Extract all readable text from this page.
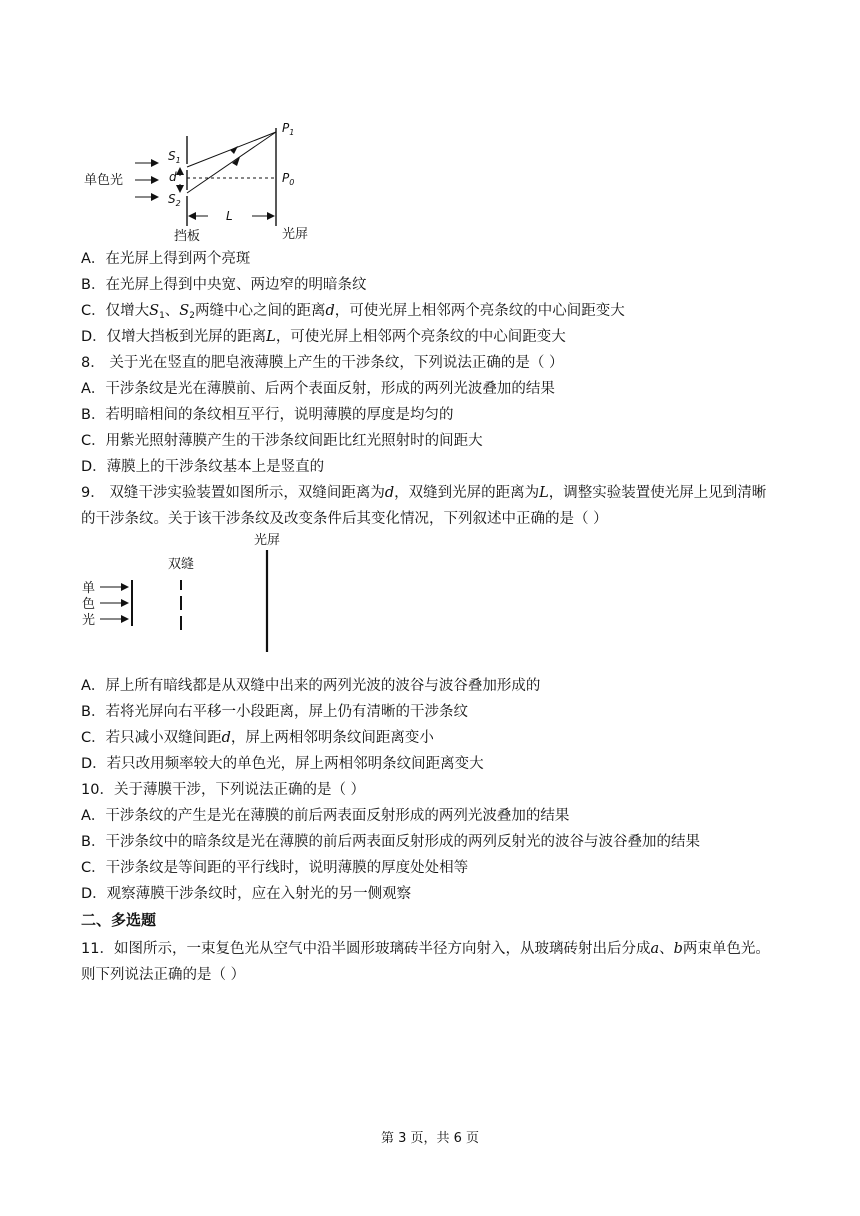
单色光
$S_1$
d
$S_2$
$P_1$
$P_0$
L
挡板	光屏
A．在光屏上得到两个亮斑
B．在光屏上得到中央宽、两边窄的明暗条纹
C．仅增大$S_1$、$S_2$两缝中心之间的距离d，可使光屏上相邻两个亮条纹的中心间距变大
D．仅增大挡板到光屏的距离L，可使光屏上相邻两个亮条纹的中心间距变大
8． 关于光在竖直的肥皂液薄膜上产生的干涉条纹，下列说法正确的是（ ）
A．干涉条纹是光在薄膜前、后两个表面反射，形成的两列光波叠加的结果
B．若明暗相间的条纹相互平行，说明薄膜的厚度是均匀的
C．用紫光照射薄膜产生的干涉条纹间距比红光照射时的间距大
D．薄膜上的干涉条纹基本上是竖直的
9． 双缝干涉实验装置如图所示，双缝间距离为d，双缝到光屏的距离为L，调整实验装置使光屏上见到清晰
的干涉条纹。关于该干涉条纹及改变条件后其变化情况，下列叙述中正确的是（ ）
单
色
光
双缝
光屏
A．屏上所有暗线都是从双缝中出来的两列光波的波谷与波谷叠加形成的
B．若将光屏向右平移一小段距离，屏上仍有清晰的干涉条纹
C．若只减小双缝间距d，屏上两相邻明条纹间距离变小
D．若只改用频率较大的单色光，屏上两相邻明条纹间距离变大
10．关于薄膜干涉，下列说法正确的是（ ）
A．干涉条纹的产生是光在薄膜的前后两表面反射形成的两列光波叠加的结果
B．干涉条纹中的暗条纹是光在薄膜的前后两表面反射形成的两列反射光的波谷与波谷叠加的结果
C．干涉条纹是等间距的平行线时，说明薄膜的厚度处处相等
D．观察薄膜干涉条纹时，应在入射光的另一侧观察
二、多选题
11．如图所示，一束复色光从空气中沿半圆形玻璃砖半径方向射入，从玻璃砖射出后分成a、b两束单色光。
则下列说法正确的是（ ）
第 3 页，共 6 页
